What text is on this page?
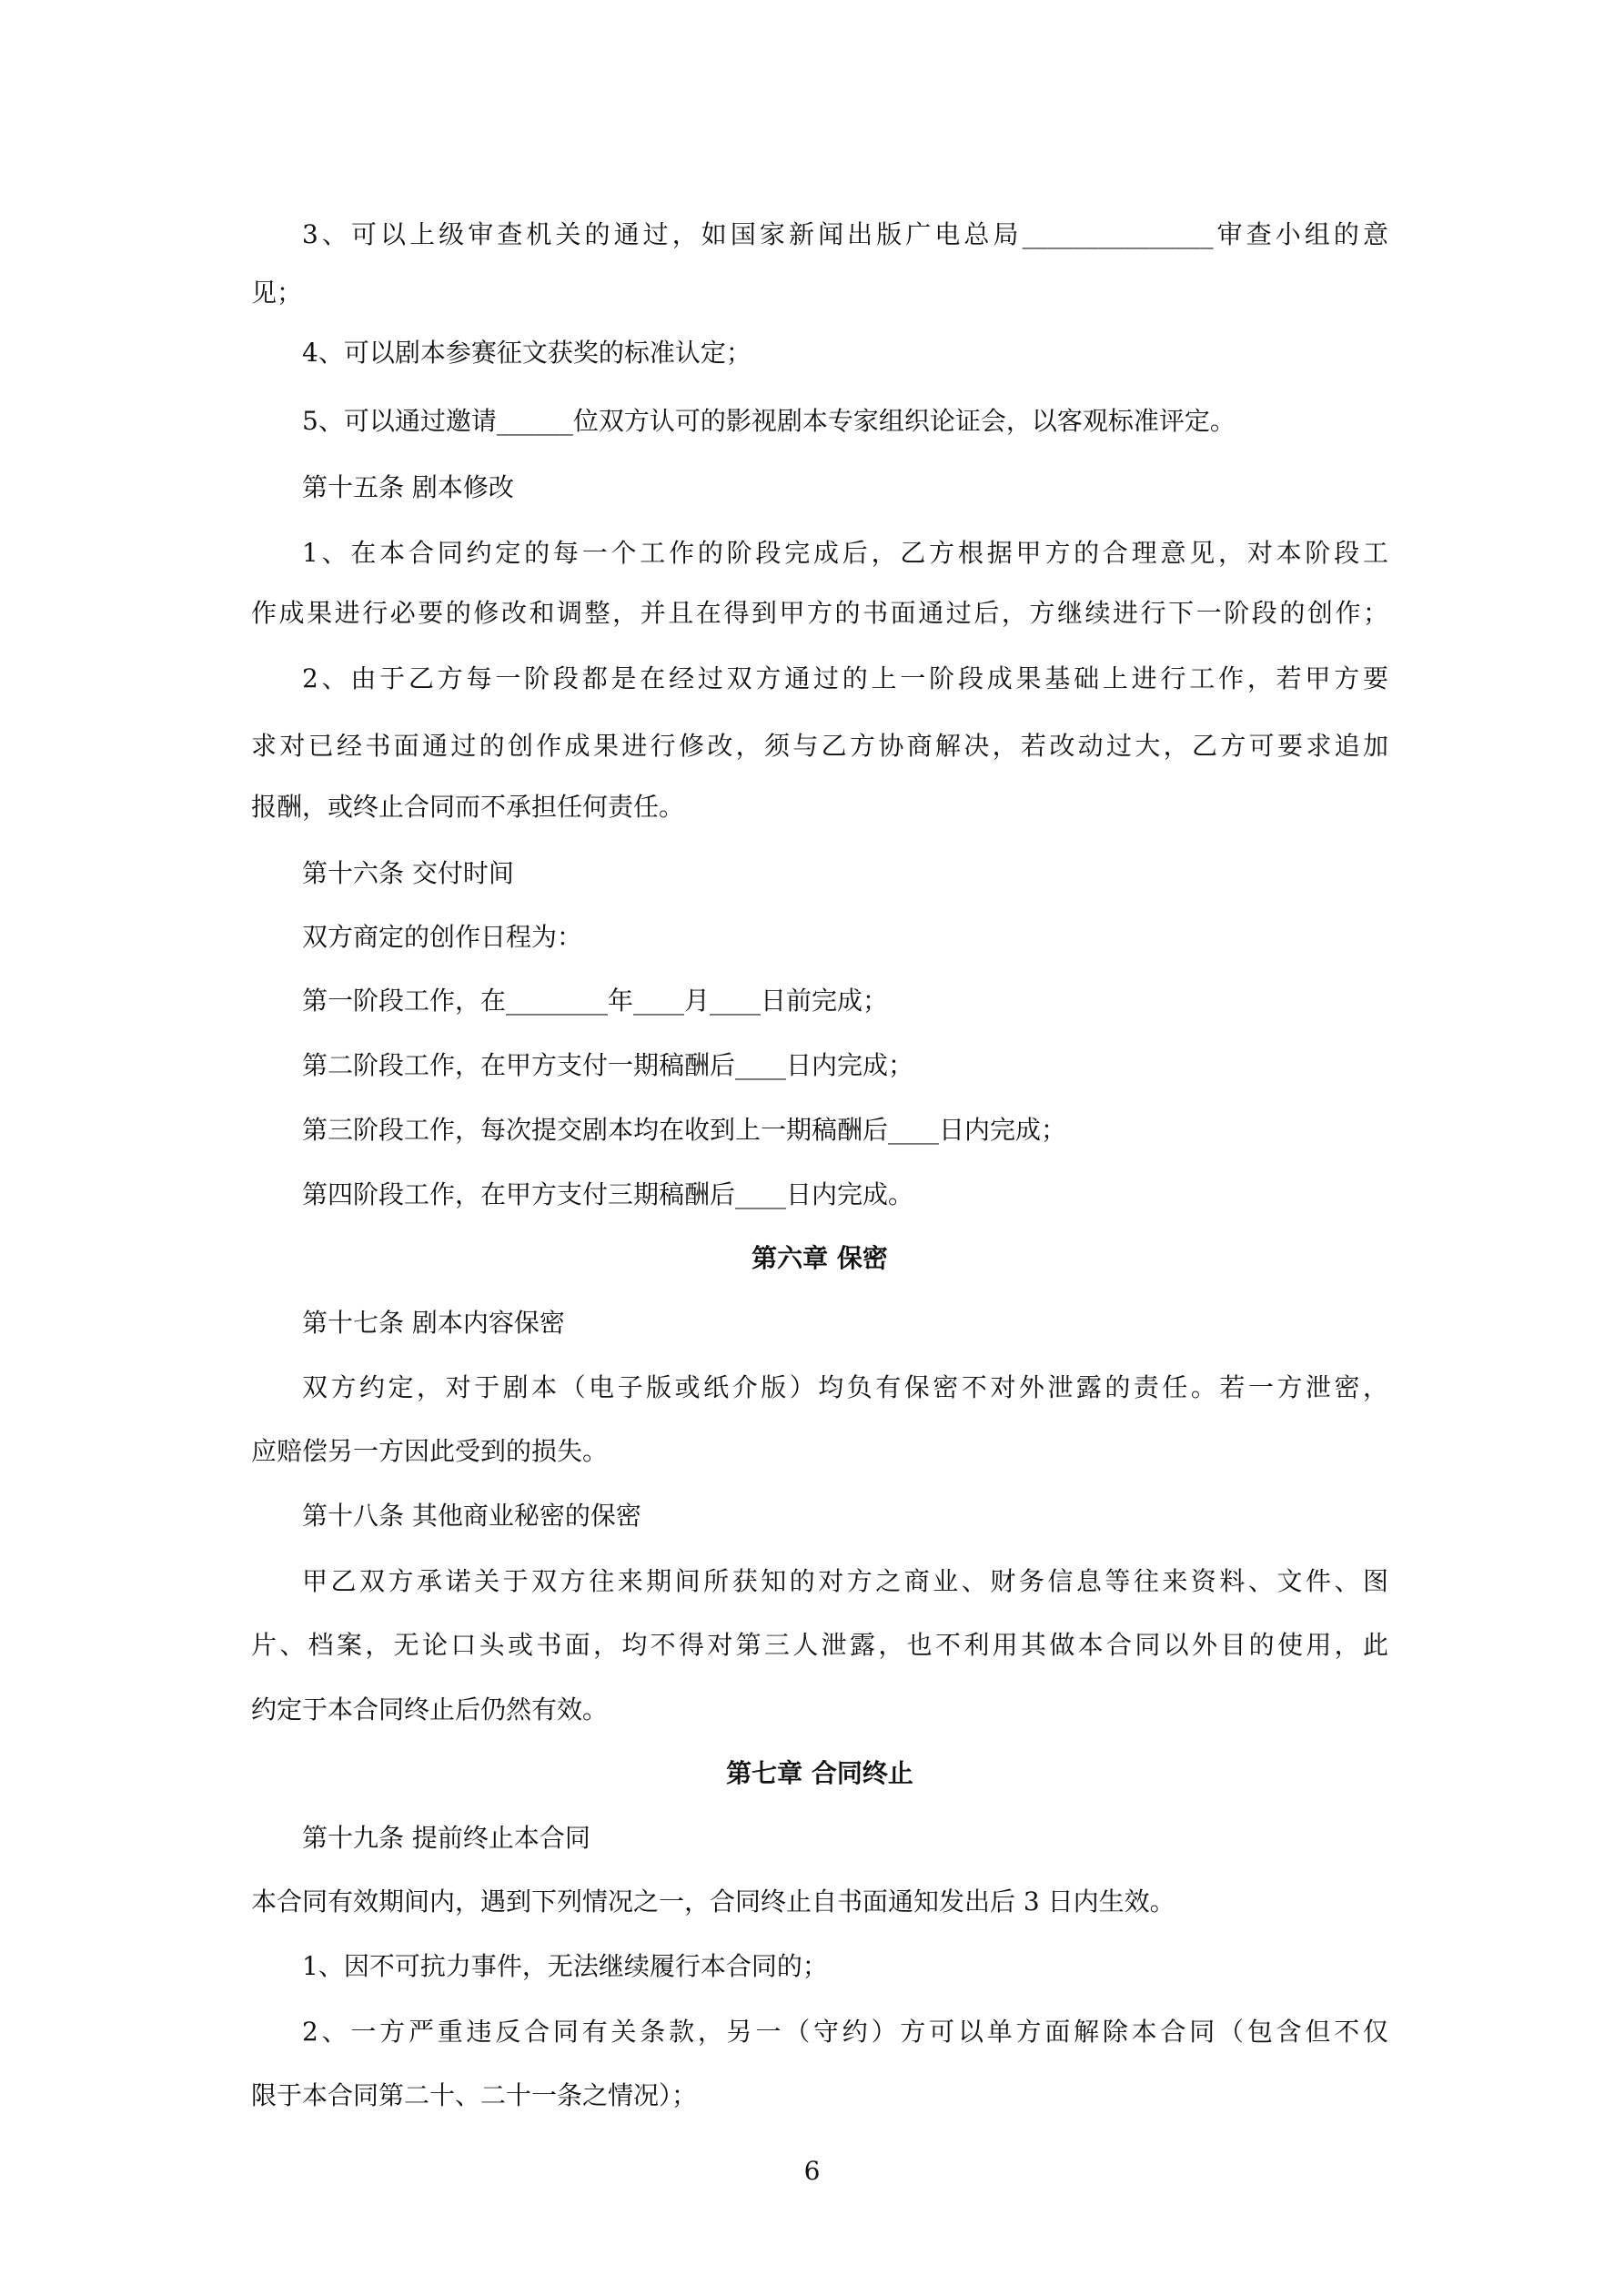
3、可以上级审查机关的通过，如国家新闻出版广电总局_______________审查小组的意
见；
4、可以剧本参赛征文获奖的标准认定；
5、可以通过邀请______位双方认可的影视剧本专家组织论证会，以客观标准评定。
第十五条 剧本修改
1、在本合同约定的每一个工作的阶段完成后，乙方根据甲方的合理意见，对本阶段工
作成果进行必要的修改和调整，并且在得到甲方的书面通过后，方继续进行下一阶段的创作；
2、由于乙方每一阶段都是在经过双方通过的上一阶段成果基础上进行工作，若甲方要
求对已经书面通过的创作成果进行修改，须与乙方协商解决，若改动过大，乙方可要求追加
报酬，或终止合同而不承担任何责任。
第十六条 交付时间
双方商定的创作日程为：
第一阶段工作，在________年____月____日前完成；
第二阶段工作，在甲方支付一期稿酬后____日内完成；
第三阶段工作，每次提交剧本均在收到上一期稿酬后____日内完成；
第四阶段工作，在甲方支付三期稿酬后____日内完成。
第六章 保密
第十七条 剧本内容保密
双方约定，对于剧本（电子版或纸介版）均负有保密不对外泄露的责任。若一方泄密，
应赔偿另一方因此受到的损失。
第十八条 其他商业秘密的保密
甲乙双方承诺关于双方往来期间所获知的对方之商业、财务信息等往来资料、文件、图
片、档案，无论口头或书面，均不得对第三人泄露，也不利用其做本合同以外目的使用，此
约定于本合同终止后仍然有效。
第七章 合同终止
第十九条 提前终止本合同
本合同有效期间内，遇到下列情况之一，合同终止自书面通知发出后 3 日内生效。
1、因不可抗力事件，无法继续履行本合同的；
2、一方严重违反合同有关条款，另一（守约）方可以单方面解除本合同（包含但不仅
限于本合同第二十、二十一条之情况）；
6
